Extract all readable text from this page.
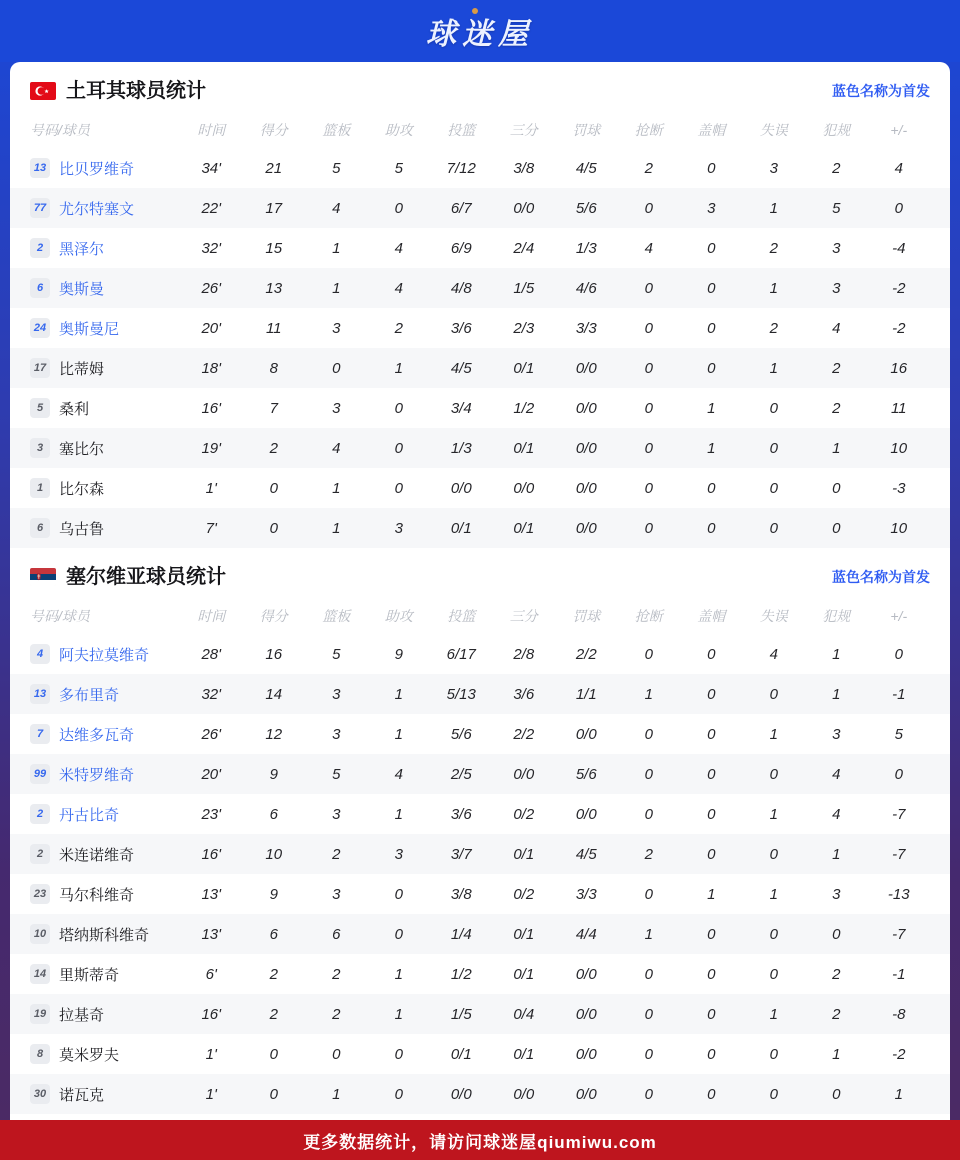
球迷屋
土耳其球员统计	蓝色名称为首发
号码/球员	时间	得分	篮板	助攻	投篮	三分	罚球	抢断	盖帽	失误	犯规	+/-
13 比贝罗维奇	34'	21	5	5	7/12	3/8	4/5	2	0	3	2	4
77 尤尔特塞文	22'	17	4	0	6/7	0/0	5/6	0	3	1	5	0
2	黑泽尔	32'	15	1	4	6/9	2/4	1/3	4	0	2	3	-4
6	奥斯曼	26'	13	1	4	4/8	1/5	4/6	0	0	1	3	-2
24 奥斯曼尼	20'	11	3	2	3/6	2/3	3/3	0	0	2	4	-2
17 比蒂姆	18'	8	0	1	4/5	0/1	0/0	0	0	1	2	16
5	桑利	16'	7	3	0	3/4	1/2	0/0	0	1	0	2	11
3	塞比尔	19'	2	4	0	1/3	0/1	0/0	0	1	0	1	10
1	比尔森	1'	0	1	0	0/0	0/0	0/0	0	0	0	0	-3
6	乌古鲁	7'	0	1	3	0/1	0/1	0/0	0	0	0	0	10
塞尔维亚球员统计	蓝色名称为首发
号码/球员	时间	得分	篮板	助攻	投篮	三分	罚球	抢断	盖帽	失误	犯规	+/-
4	阿夫拉莫维奇	28'	16	5	9	6/17	2/8	2/2	0	0	4	1	0
13 多布里奇	32'	14	3	1	5/13	3/6	1/1	1	0	0	1	-1
7	达维多瓦奇	26'	12	3	1	5/6	2/2	0/0	0	0	1	3	5
99 米特罗维奇	20'	9	5	4	2/5	0/0	5/6	0	0	0	4	0
2	丹古比奇	23'	6	3	1	3/6	0/2	0/0	0	0	1	4	-7
2	米连诺维奇	16'	10	2	3	3/7	0/1	4/5	2	0	0	1	-7
23 马尔科维奇	13'	9	3	0	3/8	0/2	3/3	0	1	1	3	-13
10 塔纳斯科维奇	13'	6	6	0	1/4	0/1	4/4	1	0	0	0	-7
14 里斯蒂奇	6'	2	2	1	1/2	0/1	0/0	0	0	0	2	-1
19 拉基奇	16'	2	2	1	1/5	0/4	0/0	0	0	1	2	-8
8	莫米罗夫	1'	0	0	0	0/1	0/1	0/0	0	0	0	1	-2
30 诺瓦克	1'	0	1	0	0/0	0/0	0/0	0	0	0	0	1
更多数据统计，请访问球迷屋qiumiwu.com
